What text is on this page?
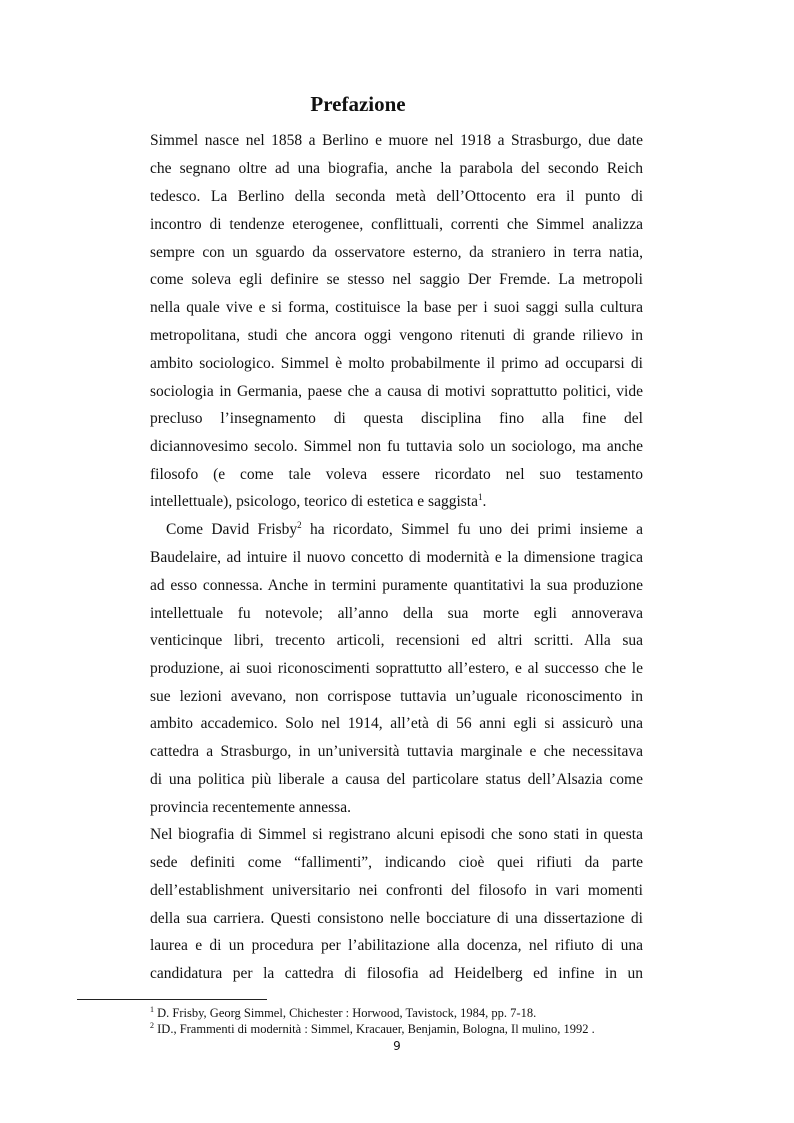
Prefazione
Simmel nasce nel 1858 a Berlino e muore nel 1918 a Strasburgo, due date
che segnano oltre ad una biografia, anche la parabola del secondo Reich
tedesco. La Berlino della seconda metà dell’Ottocento era il punto di
incontro di tendenze eterogenee, conflittuali, correnti che Simmel analizza
sempre con un sguardo da osservatore esterno, da straniero in terra natia,
come soleva egli definire se stesso nel saggio Der Fremde. La metropoli
nella quale vive e si forma, costituisce la base per i suoi saggi sulla cultura
metropolitana, studi che ancora oggi vengono ritenuti di grande rilievo in
ambito sociologico. Simmel è molto probabilmente il primo ad occuparsi di
sociologia in Germania, paese che a causa di motivi soprattutto politici, vide
precluso l’insegnamento di questa disciplina fino alla fine del
diciannovesimo secolo. Simmel non fu tuttavia solo un sociologo, ma anche
filosofo (e come tale voleva essere ricordato nel suo testamento
intellettuale), psicologo, teorico di estetica e saggista$^1$.
Come David Frisby$^2$ ha ricordato, Simmel fu uno dei primi insieme a
Baudelaire, ad intuire il nuovo concetto di modernità e la dimensione tragica
ad esso connessa. Anche in termini puramente quantitativi la sua produzione
intellettuale fu notevole; all’anno della sua morte egli annoverava
venticinque libri, trecento articoli, recensioni ed altri scritti. Alla sua
produzione, ai suoi riconoscimenti soprattutto all’estero, e al successo che le
sue lezioni avevano, non corrispose tuttavia un’uguale riconoscimento in
ambito accademico. Solo nel 1914, all’età di 56 anni egli si assicurò una
cattedra a Strasburgo, in un’università tuttavia marginale e che necessitava
di una politica più liberale a causa del particolare status dell’Alsazia come
provincia recentemente annessa.
Nel biografia di Simmel si registrano alcuni episodi che sono stati in questa
sede definiti come “fallimenti”, indicando cioè quei rifiuti da parte
dell’establishment universitario nei confronti del filosofo in vari momenti
della sua carriera. Questi consistono nelle bocciature di una dissertazione di
laurea e di un procedura per l’abilitazione alla docenza, nel rifiuto di una
candidatura per la cattedra di filosofia ad Heidelberg ed infine in un
$^1$ D. Frisby, Georg Simmel, Chichester : Horwood, Tavistock, 1984, pp. 7-18.
$^2$ ID., Frammenti di modernità : Simmel, Kracauer, Benjamin, Bologna, Il mulino, 1992 .
9
